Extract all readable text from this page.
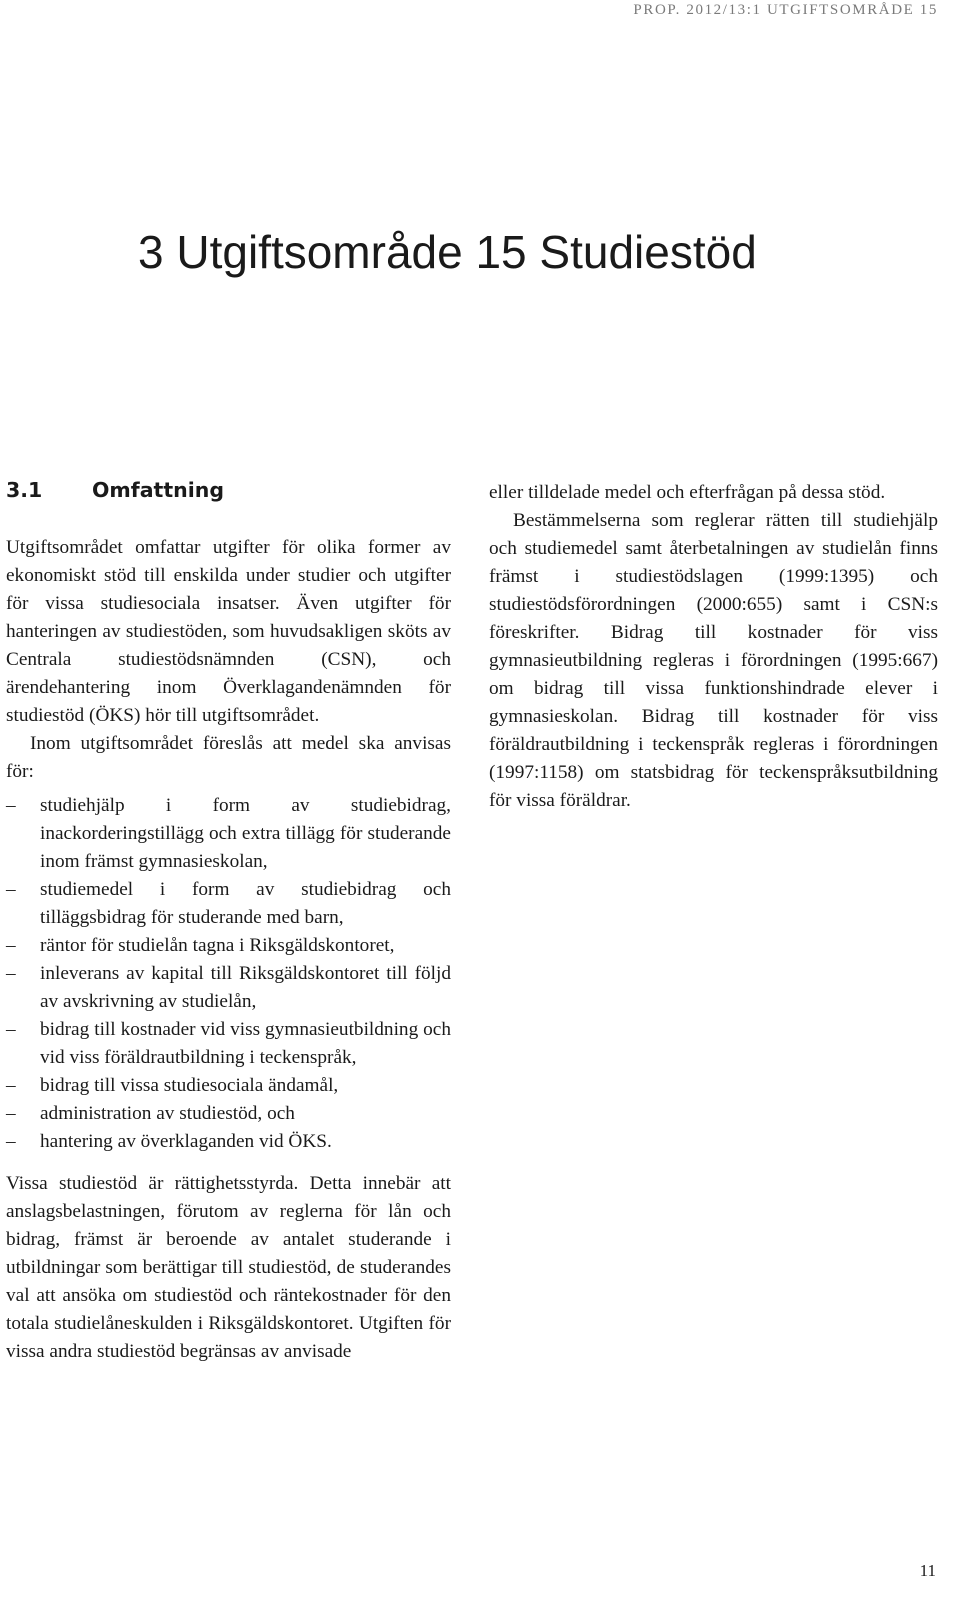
PROP. 2012/13:1 UTGIFTSOMRÅDE 15
3 Utgiftsområde 15 Studiestöd
3.1 Omfattning

Utgiftsområdet omfattar utgifter för olika former av ekonomiskt stöd till enskilda under studier och utgifter för vissa studiesociala insatser. Även utgifter för hanteringen av studiestöden, som huvudsakligen sköts av Centrala studiestödsnämnden (CSN), och ärendehantering inom Överklagandenämnden för studiestöd (ÖKS) hör till utgiftsområdet.

Inom utgiftsområdet föreslås att medel ska anvisas för:

– studiehjälp i form av studiebidrag, inackorderingstillägg och extra tillägg för studerande inom främst gymnasieskolan,
– studiemedel i form av studiebidrag och tilläggsbidrag för studerande med barn,
– räntor för studielån tagna i Riksgäldskontoret,
– inleverans av kapital till Riksgäldskontoret till följd av avskrivning av studielån,
– bidrag till kostnader vid viss gymnasieutbildning och vid viss föräldrautbildning i teckenspråk,
– bidrag till vissa studiesociala ändamål,
– administration av studiestöd, och
– hantering av överklaganden vid ÖKS.

Vissa studiestöd är rättighetsstyrda. Detta innebär att anslagsbelastningen, förutom av reglerna för lån och bidrag, främst är beroende av antalet studerande i utbildningar som berättigar till studiestöd, de studerandes val att ansöka om studiestöd och räntekostnader för den totala studielåneskulden i Riksgäldskontoret. Utgiften för vissa andra studiestöd begränsas av anvisade

eller tilldelade medel och efterfrågan på dessa stöd.

Bestämmelserna som reglerar rätten till studiehjälp och studiemedel samt återbetalningen av studielån finns främst i studiestödslagen (1999:1395) och studiestödsförordningen (2000:655) samt i CSN:s föreskrifter. Bidrag till kostnader för viss gymnasieutbildning regleras i förordningen (1995:667) om bidrag till vissa funktionshindrade elever i gymnasieskolan. Bidrag till kostnader för viss föräldrautbildning i teckenspråk regleras i förordningen (1997:1158) om statsbidrag för teckenspråksutbildning för vissa föräldrar.

11
